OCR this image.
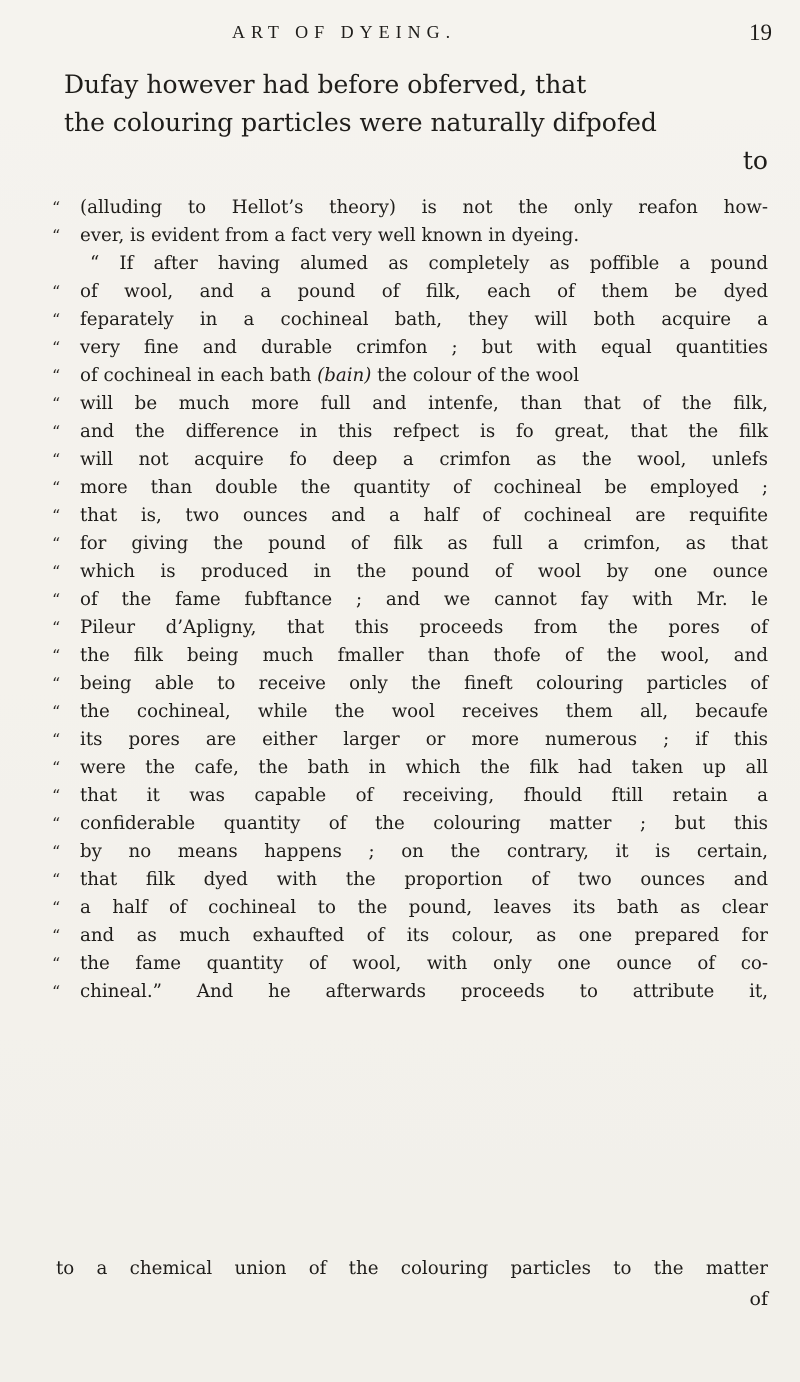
ART OF DYEING.	19
Dufay however had before obferved, that
the colouring particles were naturally difpofed
to
“	(alluding to Hellot’s theory) is not the only reafon how-
“	ever, is evident from a fact very well known in dyeing.
“ If after having alumed as completely as poffible a pound
“	of wool, and a pound of filk, each of them be dyed
“	feparately in a cochineal bath, they will both acquire a
“	very fine and durable crimfon ; but with equal quantities
“	of cochineal in each bath (bain) the colour of the wool
“	will be much more full and intenfe, than that of the filk,
“	and the difference in this refpect is fo great, that the filk
“	will not acquire fo deep a crimfon as the wool, unlefs
“	more than double the quantity of cochineal be employed ;
“	that is, two ounces and a half of cochineal are requifite
“	for giving the pound of filk as full a crimfon, as that
“	which is produced in the pound of wool by one ounce
“	of the fame fubftance ; and we cannot fay with Mr. le
“	Pileur d’Apligny, that this proceeds from the pores of
“	the filk being much fmaller than thofe of the wool, and
“	being able to receive only the fineft colouring particles of
“	the cochineal, while the wool receives them all, becaufe
“	its pores are either larger or more numerous ; if this
“	were the cafe, the bath in which the filk had taken up all
“	that it was capable of receiving, fhould ftill retain a
“	confiderable quantity of the colouring matter ; but this
“	by no means happens ; on the contrary, it is certain,
“	that filk dyed with the proportion of two ounces and
“	a half of cochineal to the pound, leaves its bath as clear
“	and as much exhaufted of its colour, as one prepared for
“	the fame quantity of wool, with only one ounce of co-
“	chineal.” And he afterwards proceeds to attribute it,
to a chemical union of the colouring particles to the matter
of
